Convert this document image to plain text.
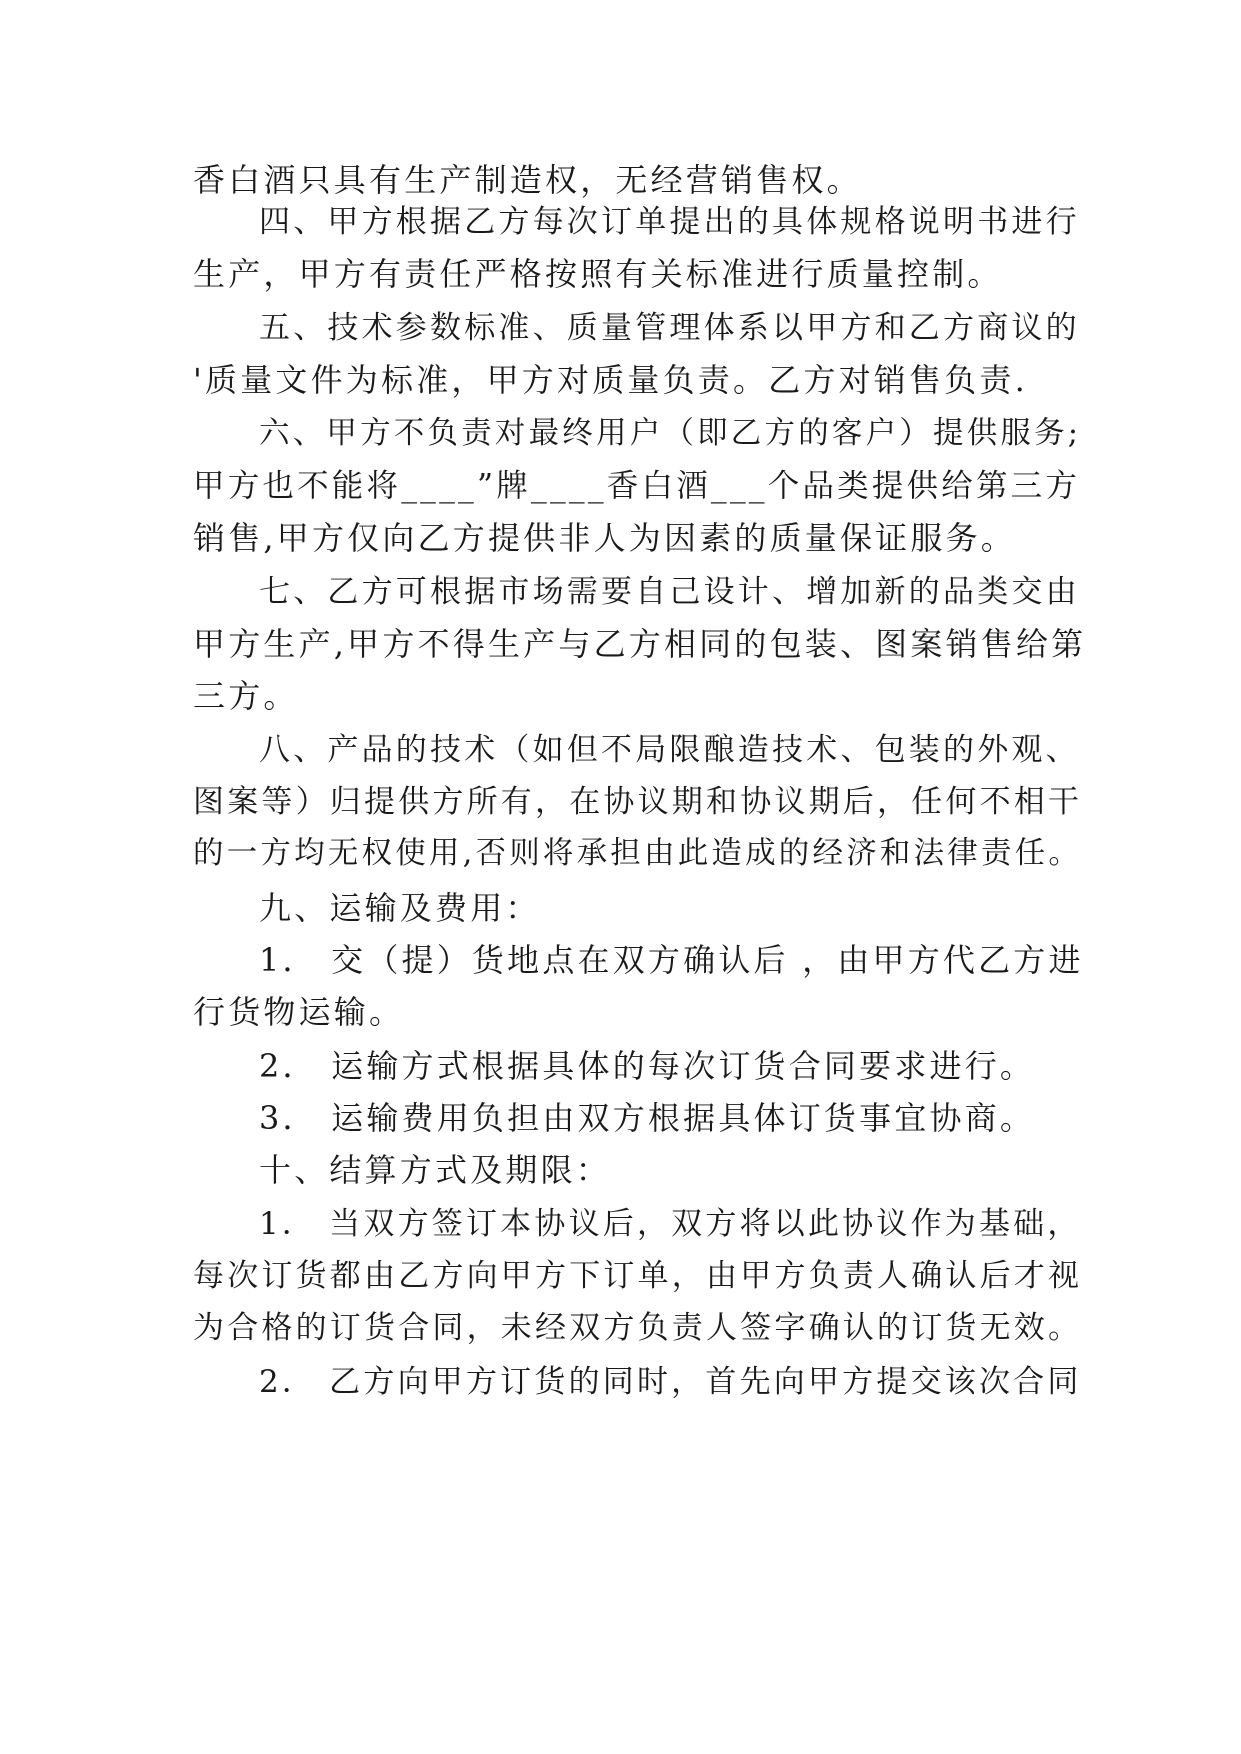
香白酒只具有生产制造权，无经营销售权。
四、甲方根据乙方每次订单提出的具体规格说明书进行
生产，甲方有责任严格按照有关标准进行质量控制。
五、技术参数标准、质量管理体系以甲方和乙方商议的
'质量文件为标准，甲方对质量负责。乙方对销售负责.
六、甲方不负责对最终用户（即乙方的客户）提供服务;
甲方也不能将____”牌____香白酒___个品类提供给第三方
销售,甲方仅向乙方提供非人为因素的质量保证服务。
七、乙方可根据市场需要自己设计、增加新的品类交由
甲方生产,甲方不得生产与乙方相同的包装、图案销售给第
三方。
八、产品的技术（如但不局限酿造技术、包装的外观、
图案等）归提供方所有，在协议期和协议期后，任何不相干
的一方均无权使用,否则将承担由此造成的经济和法律责任。
九、运输及费用：
1． 交（提）货地点在双方确认后 ，由甲方代乙方进
行货物运输。
2． 运输方式根据具体的每次订货合同要求进行。
3． 运输费用负担由双方根据具体订货事宜协商。
十、结算方式及期限：
1． 当双方签订本协议后，双方将以此协议作为基础，
每次订货都由乙方向甲方下订单，由甲方负责人确认后才视
为合格的订货合同，未经双方负责人签字确认的订货无效。
2． 乙方向甲方订货的同时，首先向甲方提交该次合同
